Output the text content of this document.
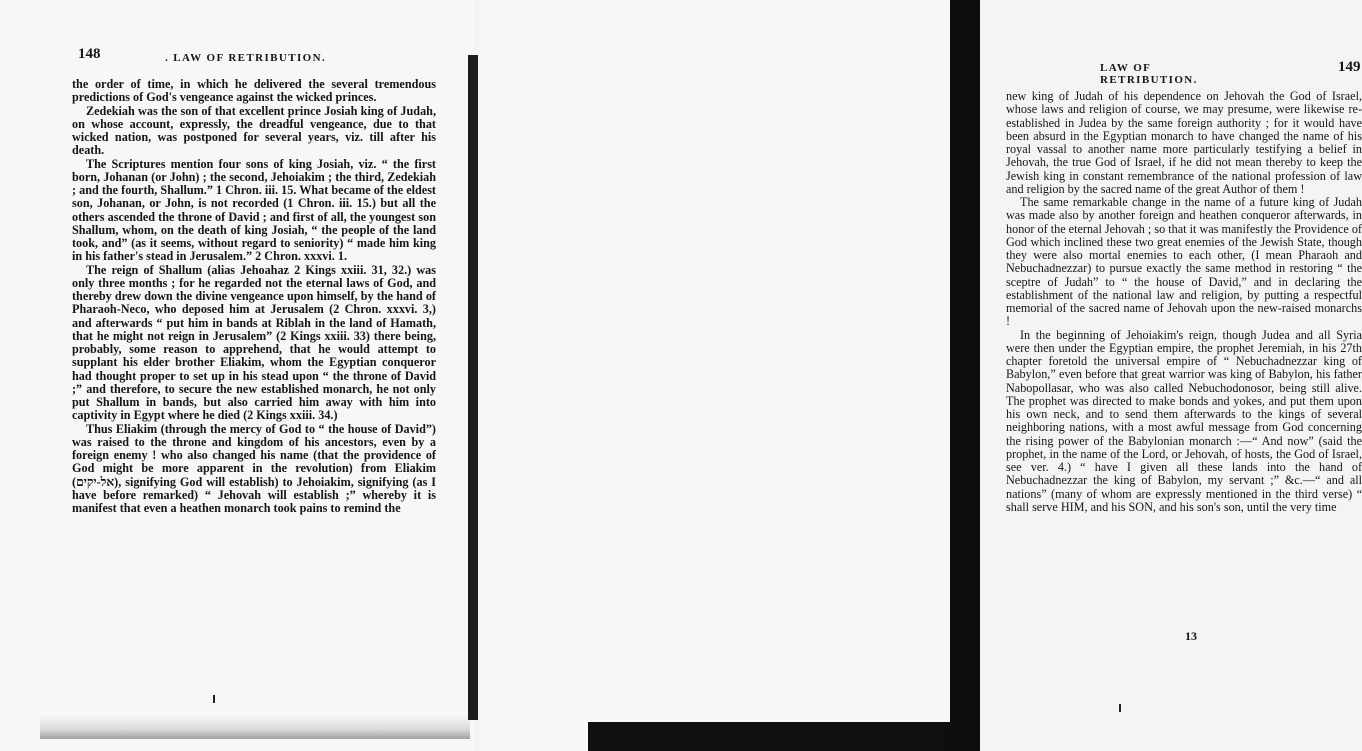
148	. LAW OF RETRIBUTION.

the order of time, in which he delivered the several tremendous predictions of God's vengeance against the wicked princes.

Zedekiah was the son of that excellent prince Josiah king of Judah, on whose account, expressly, the dreadful vengeance, due to that wicked nation, was postponed for several years, viz. till after his death.

The Scriptures mention four sons of king Josiah, viz. “ the first born, Johanan (or John) ; the second, Jehoiakim ; the third, Zedekiah ; and the fourth, Shallum.” 1 Chron. iii. 15. What became of the eldest son, Johanan, or John, is not recorded (1 Chron. iii. 15.) but all the others ascended the throne of David ; and first of all, the youngest son Shallum, whom, on the death of king Josiah, “ the people of the land took, and” (as it seems, without regard to seniority) “ made him king in his father's stead in Jerusalem.” 2 Chron. xxxvi. 1.

The reign of Shallum (alias Jehoahaz 2 Kings xxiii. 31, 32.) was only three months ; for he regarded not the eternal laws of God, and thereby drew down the divine vengeance upon himself, by the hand of Pharaoh-Neco, who deposed him at Jerusalem (2 Chron. xxxvi. 3,) and afterwards “ put him in bands at Riblah in the land of Hamath, that he might not reign in Jerusalem” (2 Kings xxiii. 33) there being, probably, some reason to apprehend, that he would attempt to supplant his elder brother Eliakim, whom the Egyptian conqueror had thought proper to set up in his stead upon “ the throne of David ;” and therefore, to secure the new established monarch, he not only put Shallum in bands, but also carried him away with him into captivity in Egypt where he died (2 Kings xxiii. 34.)

Thus Eliakim (through the mercy of God to “ the house of David”) was raised to the throne and kingdom of his ancestors, even by a foreign enemy ! who also changed his name (that the providence of God might be more apparent in the revolution) from Eliakim (אל-יקים), signifying God will establish) to Jehoiakim, signifying (as I have before remarked) “ Jehovah will establish ;” whereby it is manifest that even a heathen monarch took pains to remind the

LAW OF RETRIBUTION.
149

new king of Judah of his dependence on Jehovah the God of Israel, whose laws and religion of course, we may presume, were likewise re-established in Judea by the same foreign authority ; for it would have been absurd in the Egyptian monarch to have changed the name of his royal vassal to another name more particularly testifying a belief in Jehovah, the true God of Israel, if he did not mean thereby to keep the Jewish king in constant remembrance of the national profession of law and religion by the sacred name of the great Author of them !

The same remarkable change in the name of a future king of Judah was made also by another foreign and heathen conqueror afterwards, in honor of the eternal Jehovah ; so that it was manifestly the Providence of God which inclined these two great enemies of the Jewish State, though they were also mortal enemies to each other, (I mean Pharaoh and Nebuchadnezzar) to pursue exactly the same method in restoring “ the sceptre of Judah” to “ the house of David,” and in declaring the establishment of the national law and religion, by putting a respectful memorial of the sacred name of Jehovah upon the new-raised monarchs !

In the beginning of Jehoiakim's reign, though Judea and all Syria were then under the Egyptian empire, the prophet Jeremiah, in his 27th chapter foretold the universal empire of “ Nebuchadnezzar king of Babylon,” even before that great warrior was king of Babylon, his father Nabopollasar, who was also called Nebuchodonosor, being still alive. The prophet was directed to make bonds and yokes, and put them upon his own neck, and to send them afterwards to the kings of several neighboring nations, with a most awful message from God concerning the rising power of the Babylonian monarch :—“ And now” (said the prophet, in the name of the Lord, or Jehovah, of hosts, the God of Israel, see ver. 4.) “ have I given all these lands into the hand of Nebuchadnezzar the king of Babylon, my servant ;” &c.—“ and all nations” (many of whom are expressly mentioned in the third verse) “ shall serve HIM, and his SON, and his son's son, until the very time

13
